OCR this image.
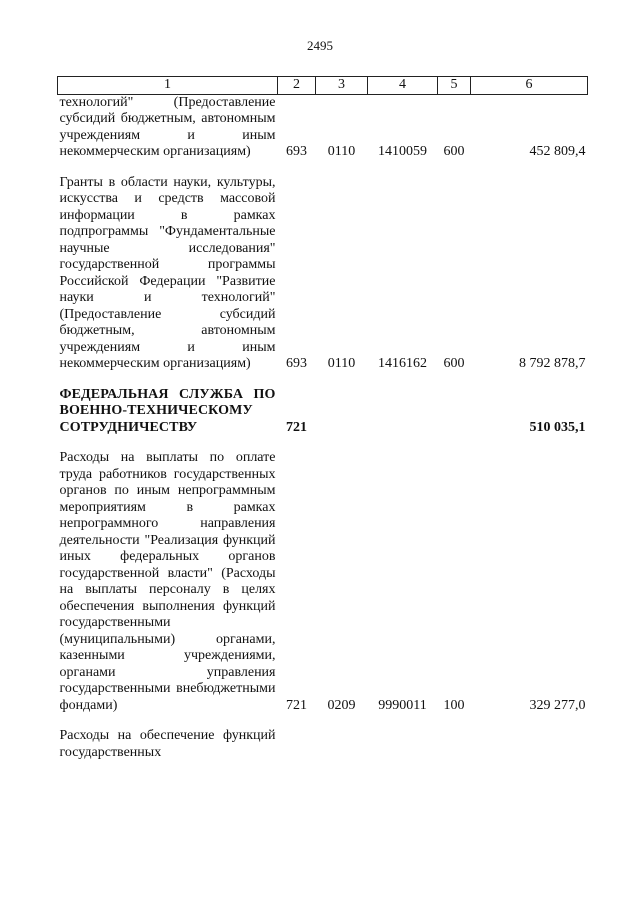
2495
1	2	3	4	5	6
технологий" (Предоставление субсидий бюджетным, автономным учреждениям и иным некоммерческим организациям)	693	0110	1410059	600	452 809,4

Гранты в области науки, культуры, искусства и средств массовой информации в рамках подпрограммы "Фундаментальные научные исследования" государственной программы Российской Федерации "Развитие науки и технологий" (Предоставление субсидий бюджетным, автономным учреждениям и иным некоммерческим организациям)	693	0110	1416162	600	8 792 878,7

ФЕДЕРАЛЬНАЯ СЛУЖБА ПО ВОЕННО-ТЕХНИЧЕСКОМУ СОТРУДНИЧЕСТВУ	721				510 035,1

Расходы на выплаты по оплате труда работников государственных органов по иным непрограммным мероприятиям в рамках непрограммного направления деятельности "Реализация функций иных федеральных органов государственной власти" (Расходы на выплаты персоналу в целях обеспечения выполнения функций государственными (муниципальными) органами, казенными учреждениями, органами управления государственными внебюджетными фондами)	721	0209	9990011	100	329 277,0

Расходы на обеспечение функций государственных					
